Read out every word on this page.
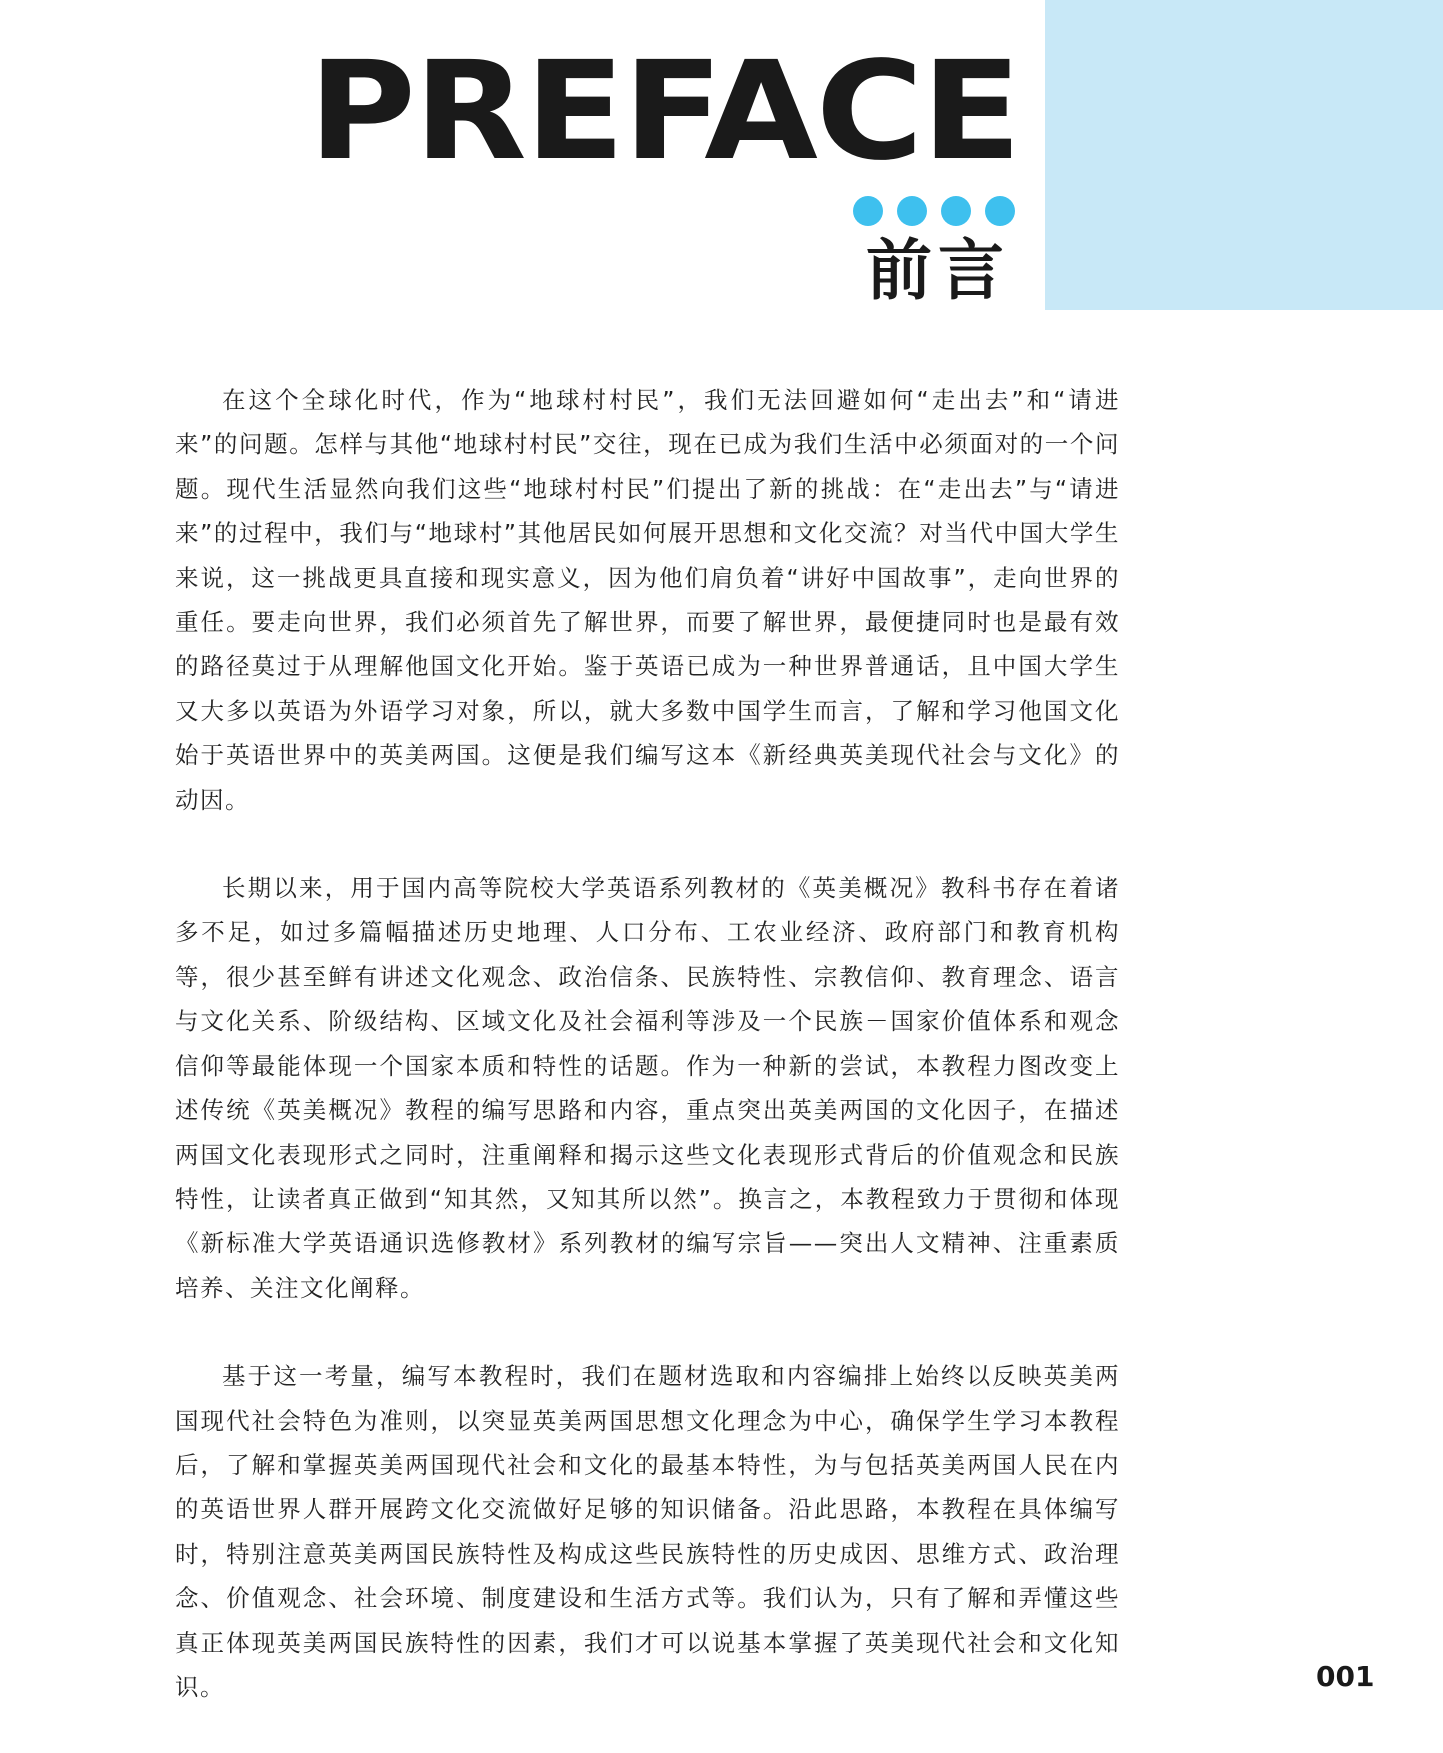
PREFACE
前言

在这个全球化时代，作为“地球村村民”，我们无法回避如何“走出去”和“请进来”的问题。怎样与其他“地球村村民”交往，现在已成为我们生活中必须面对的一个问题。现代生活显然向我们这些“地球村村民”们提出了新的挑战：在“走出去”与“请进来”的过程中，我们与“地球村”其他居民如何展开思想和文化交流？对当代中国大学生来说，这一挑战更具直接和现实意义，因为他们肩负着“讲好中国故事”，走向世界的重任。要走向世界，我们必须首先了解世界，而要了解世界，最便捷同时也是最有效的路径莫过于从理解他国文化开始。鉴于英语已成为一种世界普通话，且中国大学生又大多以英语为外语学习对象，所以，就大多数中国学生而言，了解和学习他国文化始于英语世界中的英美两国。这便是我们编写这本《新经典英美现代社会与文化》的动因。

长期以来，用于国内高等院校大学英语系列教材的《英美概况》教科书存在着诸多不足，如过多篇幅描述历史地理、人口分布、工农业经济、政府部门和教育机构等，很少甚至鲜有讲述文化观念、政治信条、民族特性、宗教信仰、教育理念、语言与文化关系、阶级结构、区域文化及社会福利等涉及一个民族－国家价值体系和观念信仰等最能体现一个国家本质和特性的话题。作为一种新的尝试，本教程力图改变上述传统《英美概况》教程的编写思路和内容，重点突出英美两国的文化因子，在描述两国文化表现形式之同时，注重阐释和揭示这些文化表现形式背后的价值观念和民族特性，让读者真正做到“知其然，又知其所以然”。换言之，本教程致力于贯彻和体现《新标准大学英语通识选修教材》系列教材的编写宗旨——突出人文精神、注重素质培养、关注文化阐释。

基于这一考量，编写本教程时，我们在题材选取和内容编排上始终以反映英美两国现代社会特色为准则，以突显英美两国思想文化理念为中心，确保学生学习本教程后，了解和掌握英美两国现代社会和文化的最基本特性，为与包括英美两国人民在内的英语世界人群开展跨文化交流做好足够的知识储备。沿此思路，本教程在具体编写时，特别注意英美两国民族特性及构成这些民族特性的历史成因、思维方式、政治理念、价值观念、社会环境、制度建设和生活方式等。我们认为，只有了解和弄懂这些真正体现英美两国民族特性的因素，我们才可以说基本掌握了英美现代社会和文化知识。	001
